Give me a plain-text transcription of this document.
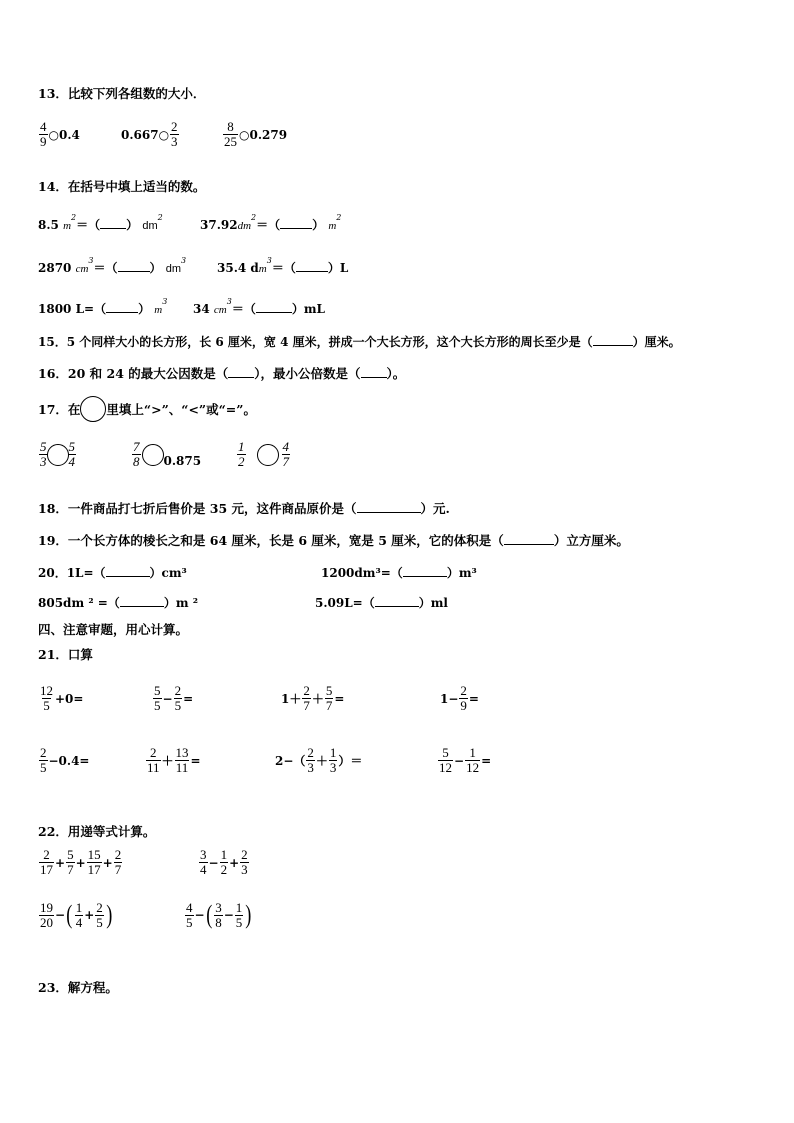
13．比较下列各组数的大小．
$\frac{4}{9}$ ○0.4	0.667○ $\frac{2}{3}$	$\frac{8}{25}$ ○0.279
14．在括号中填上适当的数。
8.5 $m^2=$（ ） $dm^2$
$37.92dm^2=$（	） $m^2$
2870 $cm^3=$（	） $dm^3$
35.4 $dm^3=$（	）L
1800 L=（	） $m^3$
34 $cm^3=$（	）mL
15．5 个同样大小的长方形，长 6 厘米，宽 4 厘米，拼成一个大长方形，这个大长方形的周长至少是（	）厘米。
16．20 和 24 的最大公因数是（ ），最小公倍数是（ ）。
17．在 里填上“>”、“<”或“=”。
$\frac{5}{3} \frac{5}{4}$	$\frac{7}{8} 0.875$	$\frac{1}{2}$	$\frac{4}{7}$
18．一件商品打七折后售价是 35 元，这件商品原价是（	）元.
19．一个长方体的棱长之和是 64 厘米，长是 6 厘米，宽是 5 厘米，它的体积是（	）立方厘米。
20．1L=（	）cm³	1200dm³=（	）m³
805dm ² =（	）m ²	5.09L=（	）ml
四、注意审题，用心计算。
21．口算
$\frac{12}{5} +0=$	$\frac{5}{5} - \frac{2}{5}$ =	$1+ \frac{2}{7} + \frac{5}{7}$ =	$1- \frac{2}{9}$ =
$\frac{2}{5} -0.4=$	$\frac{2}{11} + \frac{13}{11}$ =	$2-( \frac{2}{3} + \frac{1}{3}$ ）＝	$\frac{5}{12} - \frac{1}{12}$ =
22．用递等式计算。
$\frac{2}{17} + \frac{5}{7} + \frac{15}{17} + \frac{2}{7}$	$\frac{3}{4} - \frac{1}{2} + \frac{2}{3}$
$\frac{19}{20}$ − ( $\frac{1}{4} + \frac{2}{5}$ )	$\frac{4}{5}$ − ( $\frac{3}{8} - \frac{1}{5}$ )
23．解方程。
